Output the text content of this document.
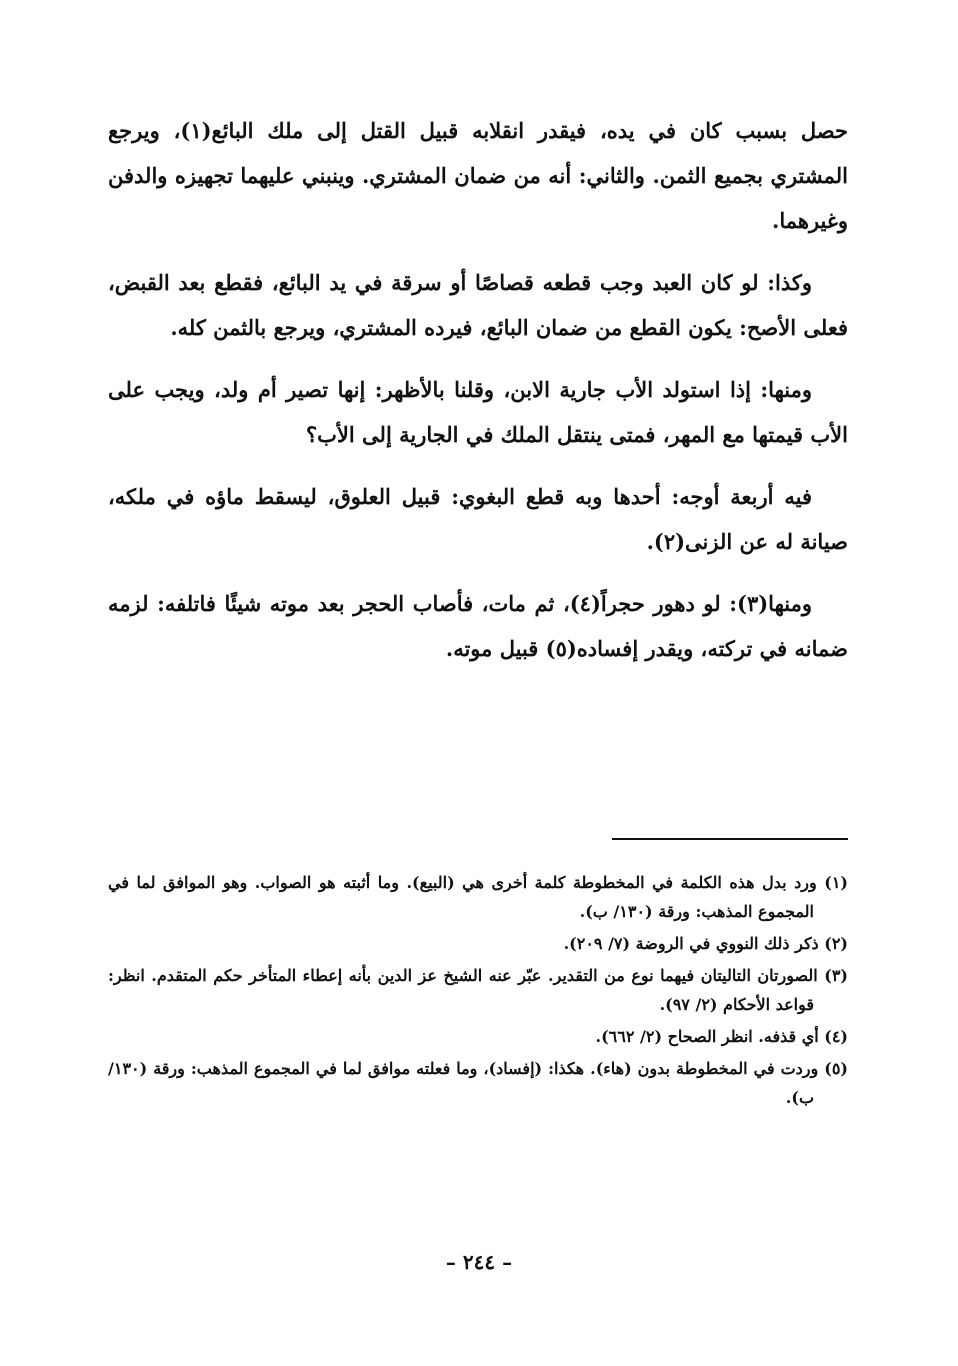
حصل بسبب كان في يده، فيقدر انقلابه قبيل القتل إلى ملك البائع(١)، ويرجع المشتري بجميع الثمن. والثاني: أنه من ضمان المشتري. وينبني عليهما تجهيزه والدفن وغيرهما.

وكذا: لو كان العبد وجب قطعه قصاصًا أو سرقة في يد البائع، فقطع بعد القبض، فعلى الأصح: يكون القطع من ضمان البائع، فيرده المشتري، ويرجع بالثمن كله.

ومنها: إذا استولد الأب جارية الابن، وقلنا بالأظهر: إنها تصير أم ولد، ويجب على الأب قيمتها مع المهر، فمتى ينتقل الملك في الجارية إلى الأب؟

فيه أربعة أوجه: أحدها وبه قطع البغوي: قبيل العلوق، ليسقط ماؤه في ملكه، صيانة له عن الزنى(٢).

ومنها(٣): لو دهور حجراً(٤)، ثم مات، فأصاب الحجر بعد موته شيئًا فاتلفه: لزمه ضمانه في تركته، ويقدر إفساده(٥) قبيل موته.

(١) ورد بدل هذه الكلمة في المخطوطة كلمة أخرى هي (البيع). وما أثبته هو الصواب. وهو الموافق لما في المجموع المذهب: ورقة (١٣٠/ ب).

(٢) ذكر ذلك النووي في الروضة (٧/ ٢٠٩).

(٣) الصورتان التاليتان فيهما نوع من التقدير. عبّر عنه الشيخ عز الدين بأنه إعطاء المتأخر حكم المتقدم. انظر: قواعد الأحكام (٢/ ٩٧).

(٤) أي قذفه. انظر الصحاح (٢/ ٦٦٢).

(٥) وردت في المخطوطة بدون (هاء). هكذا: (إفساد)، وما فعلته موافق لما في المجموع المذهب: ورقة (١٣٠/ ب).

– ٢٤٤ –
